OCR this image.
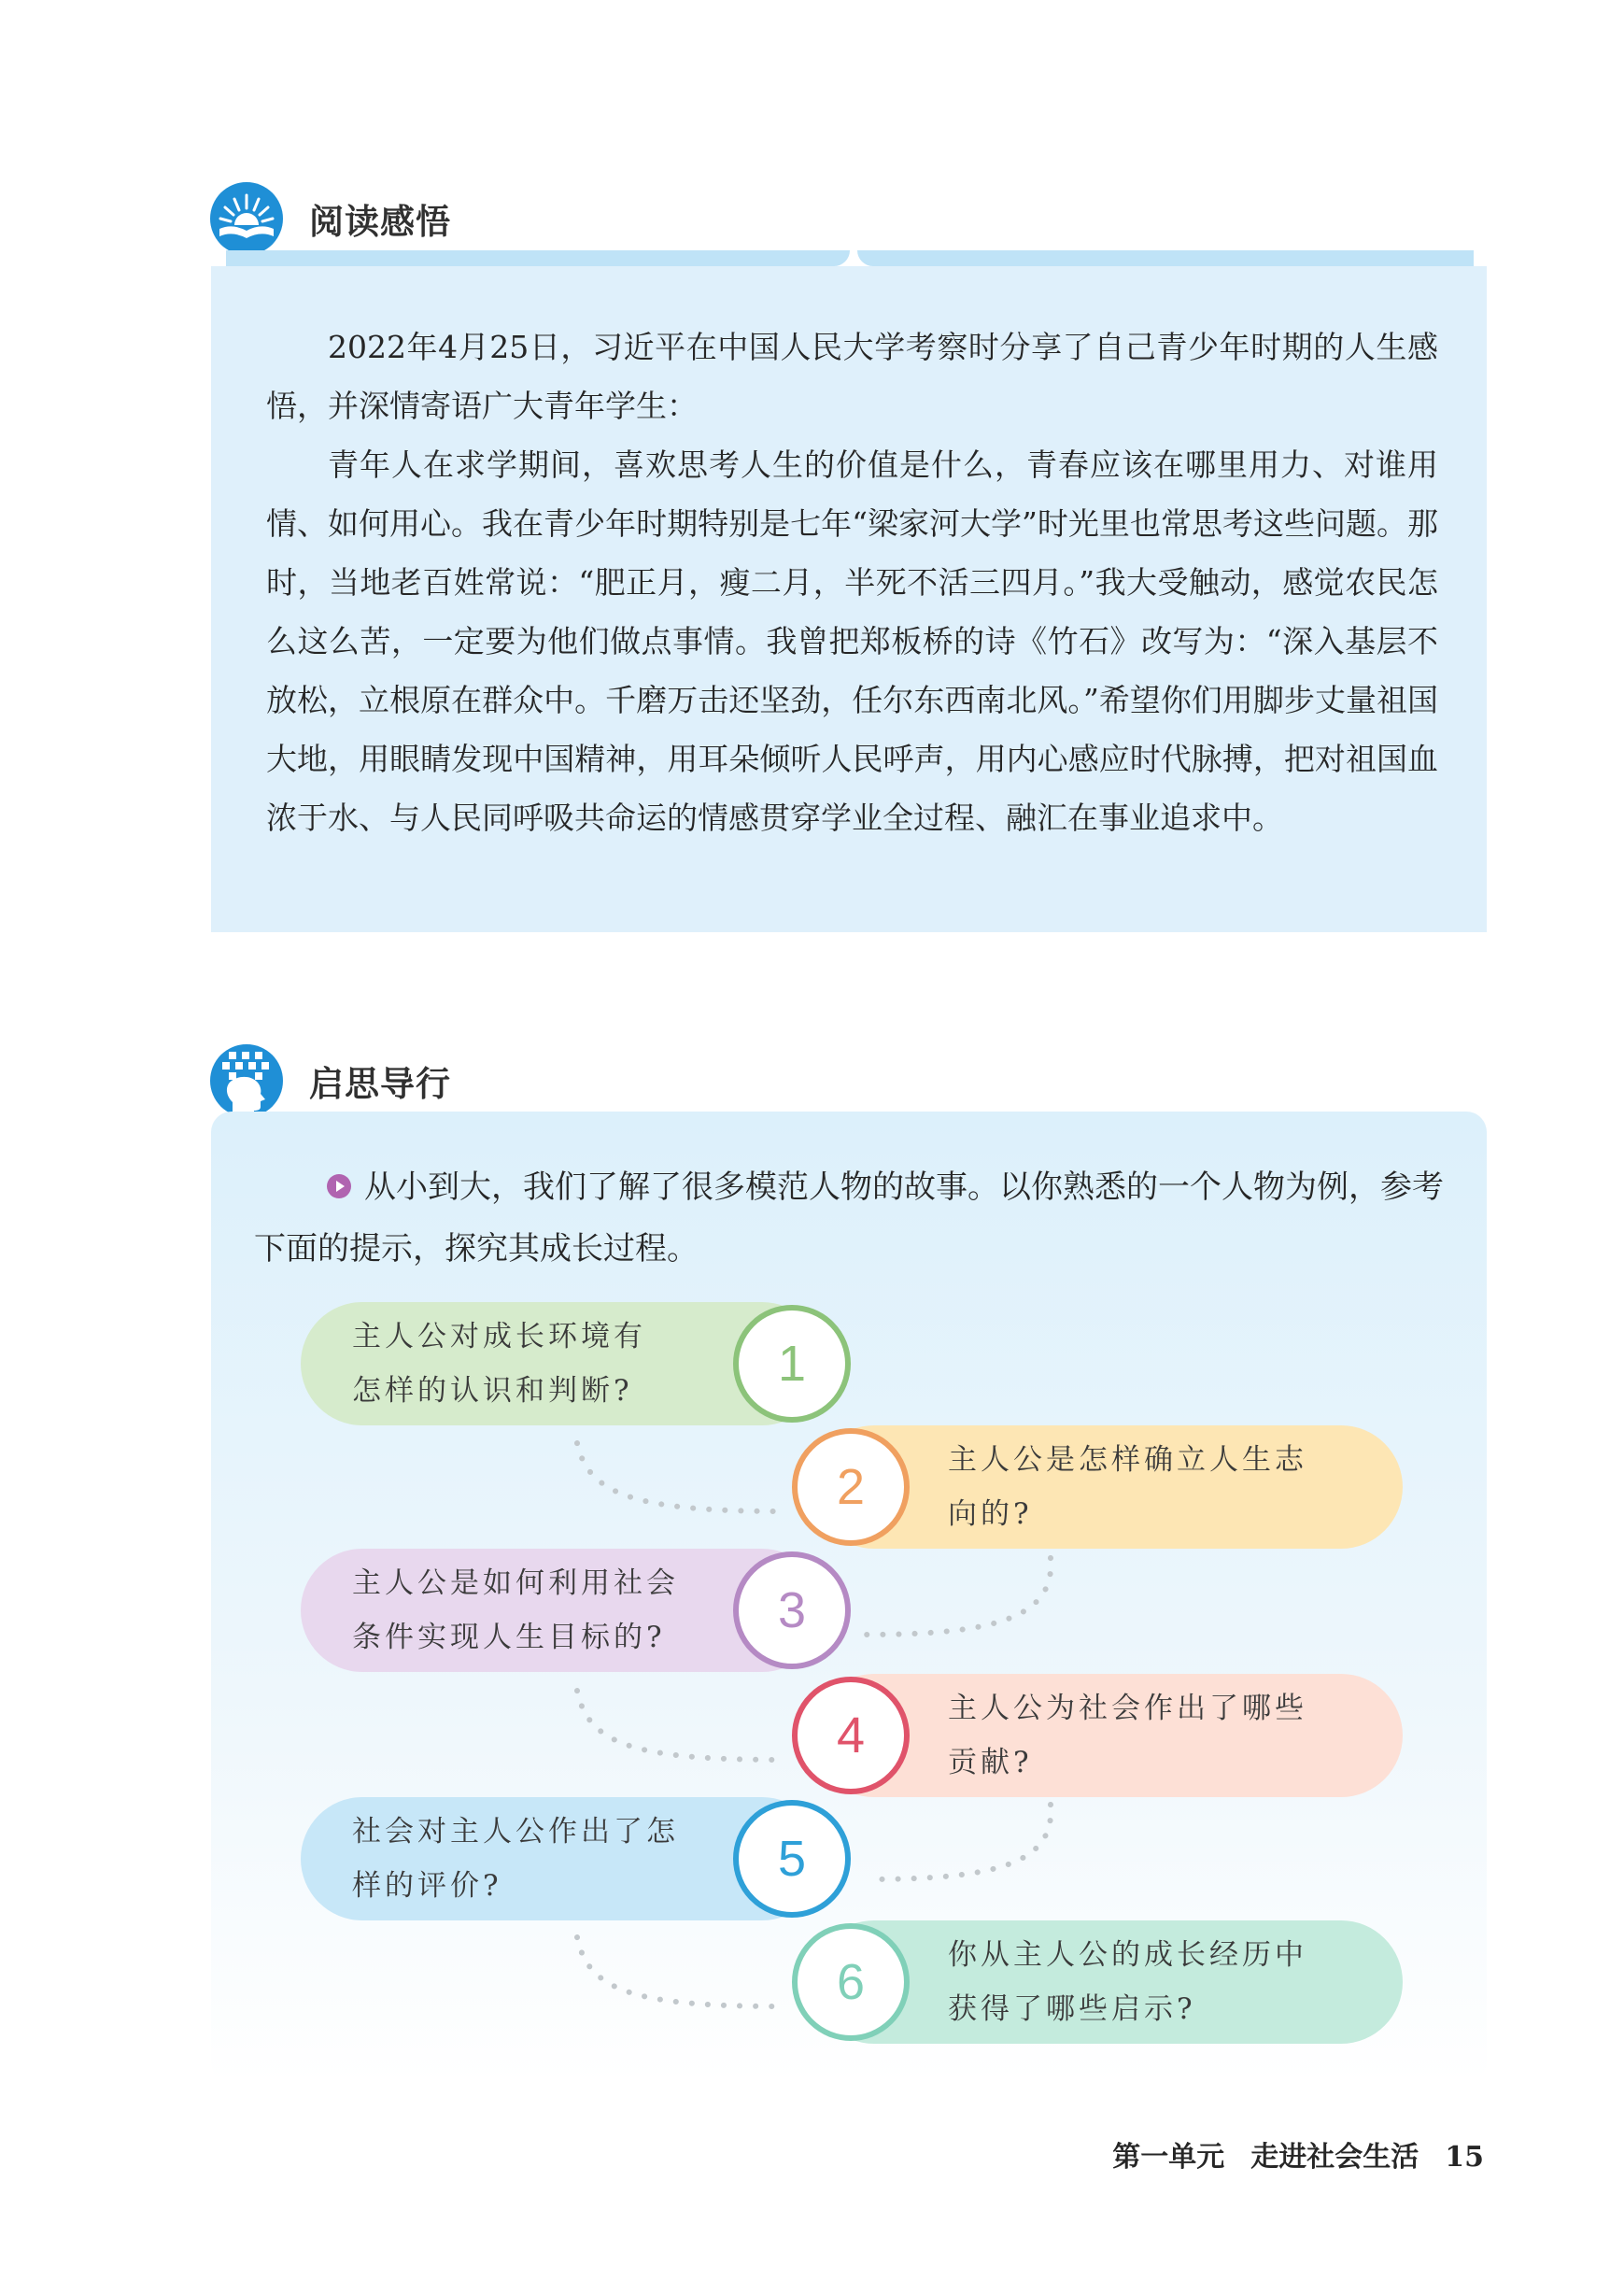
阅读感悟

2022年4月25日，习近平在中国人民大学考察时分享了自己青少年时期的人生感悟，并深情寄语广大青年学生：

青年人在求学期间，喜欢思考人生的价值是什么，青春应该在哪里用力、对谁用情、如何用心。我在青少年时期特别是七年“梁家河大学”时光里也常思考这些问题。那时，当地老百姓常说：“肥正月，瘦二月，半死不活三四月。”我大受触动，感觉农民怎么这么苦，一定要为他们做点事情。我曾把郑板桥的诗《竹石》改写为：“深入基层不放松，立根原在群众中。千磨万击还坚劲，任尔东西南北风。”希望你们用脚步丈量祖国大地，用眼睛发现中国精神，用耳朵倾听人民呼声，用内心感应时代脉搏，把对祖国血浓于水、与人民同呼吸共命运的情感贯穿学业全过程、融汇在事业追求中。

启思导行
从小到大，我们了解了很多模范人物的故事。以你熟悉的一个人物为例，参考下面的提示，探究其成长过程。
主人公对成长环境有
怎样的认识和判断?	1
主人公是怎样确立人生志
向的?
2
主人公是如何利用社会
条件实现人生目标的?	3
主人公为社会作出了哪些
贡献?
4
社会对主人公作出了怎
样的评价?	5
你从主人公的成长经历中
获得了哪些启示?
6
第一单元 走进社会生活 15
